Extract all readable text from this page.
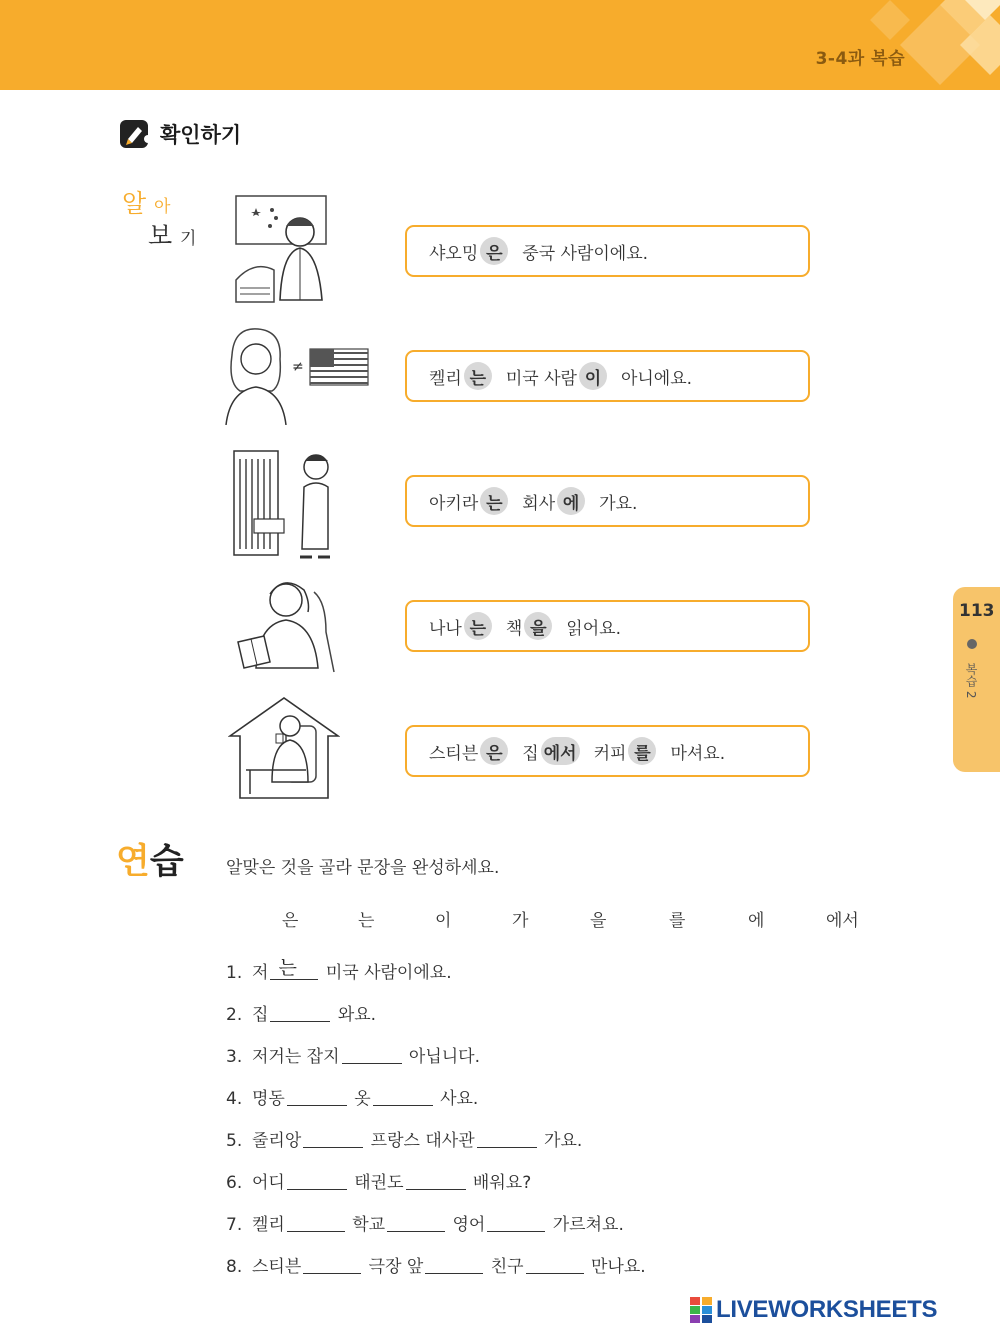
3-4과 복습
확인하기
알 아
보 기
≠
샤오밍 은	중국 사람이에요.
켈리 는	미국 사람 이	아니에요.
아키라 는	회사 에	가요.
나나 는	책 을	읽어요.
스티븐 은	집 에서 커피 를	마셔요.
113
복습 2
연습 알맞은 것을 골라 문장을 완성하세요.
은	는	이	가	을	를	에	에서
1. 저 는 미국 사람이에요.
2. 집	와요.
3. 저거는 잡지	아닙니다.
4. 명동	옷	사요.
5. 줄리앙	프랑스 대사관	가요.
6. 어디	태권도	배워요?
7. 켈리	학교	영어	가르쳐요.
8. 스티븐	극장 앞	친구	만나요.
LIVEWORKSHEETS
